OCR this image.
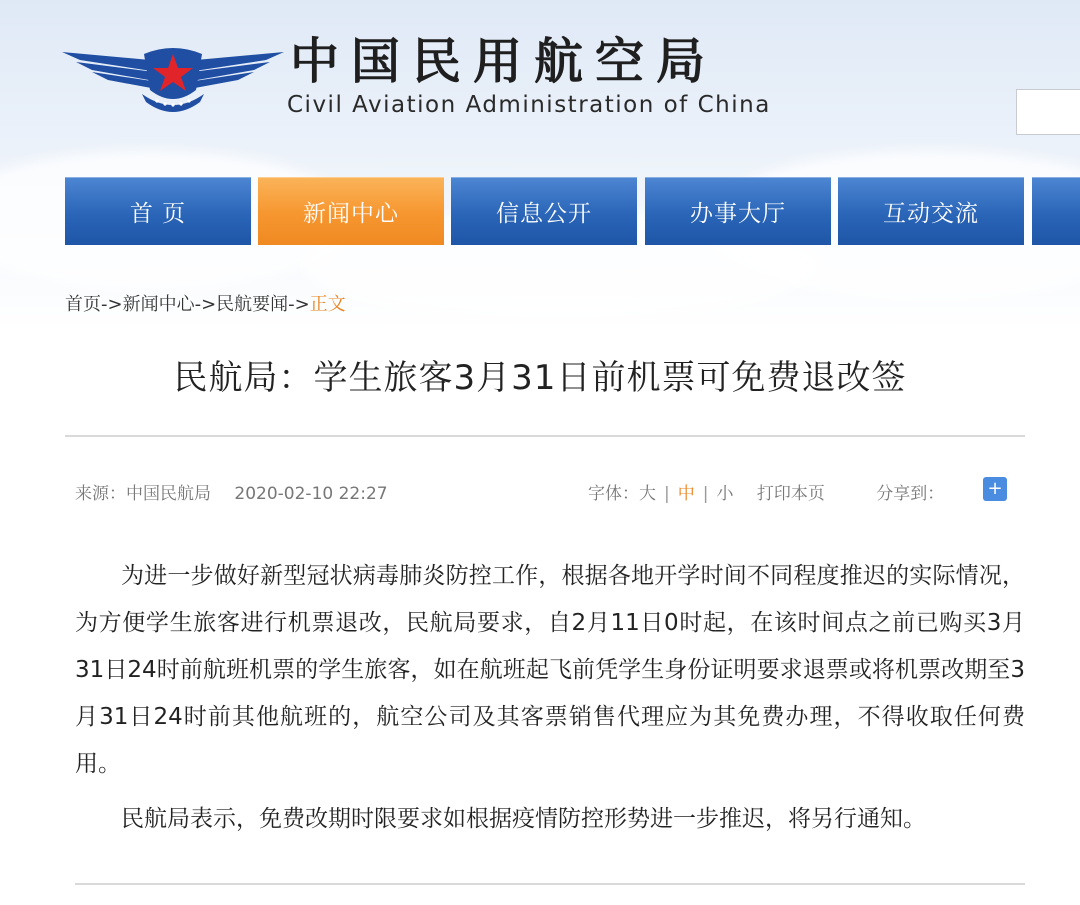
中国民用航空局
Civil Aviation Administration of China
首 页	新闻中心	信息公开	办事大厅	互动交流
首页->新闻中心->民航要闻->正文
民航局：学生旅客3月31日前机票可免费退改签
来源：中国民航局 2020-02-10 22:27	字体：大 | 中 | 小 打印本页	分享到： +

为进一步做好新型冠状病毒肺炎防控工作，根据各地开学时间不同程度推迟的实际情况，为方便学生旅客进行机票退改，民航局要求，自2月11日0时起，在该时间点之前已购买3月31日24时前航班机票的学生旅客，如在航班起飞前凭学生身份证明要求退票或将机票改期至3月31日24时前其他航班的，航空公司及其客票销售代理应为其免费办理，不得收取任何费用。

民航局表示，免费改期时限要求如根据疫情防控形势进一步推迟，将另行通知。
